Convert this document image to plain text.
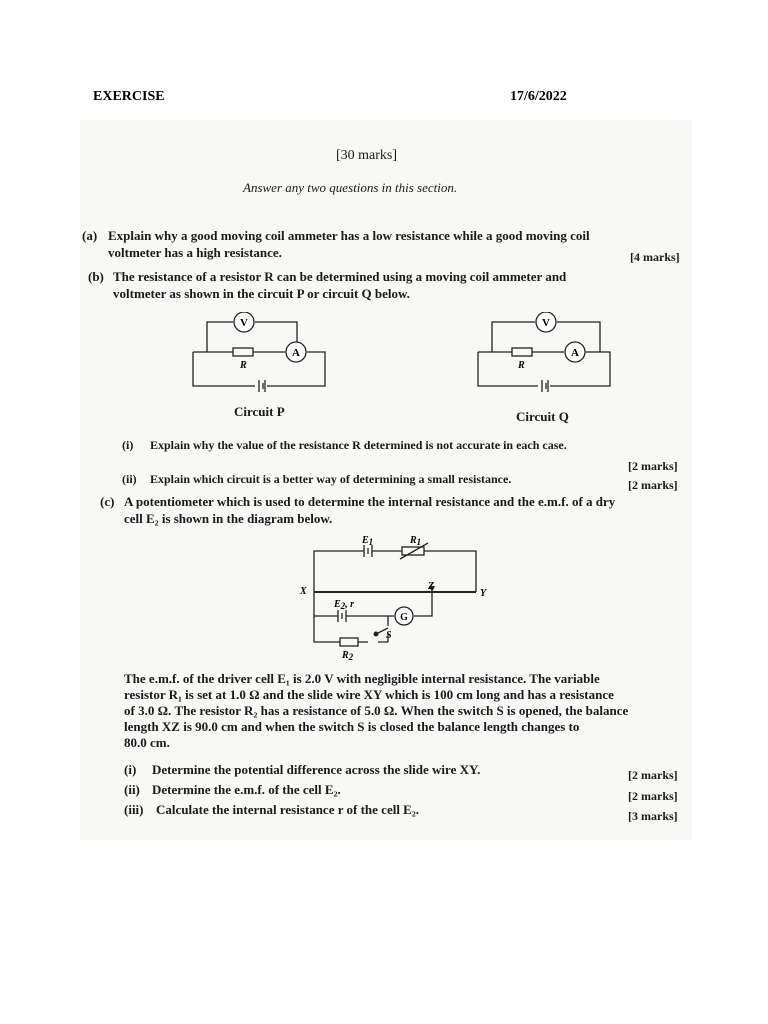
EXERCISE	17/6/2022
[30 marks]
Answer any two questions in this section.
(a) Explain why a good moving coil ammeter has a low resistance while a good moving coil
voltmeter has a high resistance.	[4 marks]
(b) The resistance of a resistor R can be determined using a moving coil ammeter and
voltmeter as shown in the circuit P or circuit Q below.
V
A
R
Circuit P
V
A
R
Circuit Q
(i) Explain why the value of the resistance R determined is not accurate in each case.
[2 marks]
(ii) Explain which circuit is a better way of determining a small resistance.	[2 marks]
(c) A potentiometer which is used to determine the internal resistance and the e.m.f. of a dry
cell E₂ is shown in the diagram below.
E1	R1
X	Y
Z
E2, r
G
S
R2
The e.m.f. of the driver cell E₁ is 2.0 V with negligible internal resistance. The variable
resistor R₁ is set at 1.0 Ω and the slide wire XY which is 100 cm long and has a resistance
of 3.0 Ω. The resistor R₂ has a resistance of 5.0 Ω. When the switch S is opened, the balance
length XZ is 90.0 cm and when the switch S is closed the balance length changes to
80.0 cm.
(i) Determine the potential difference across the slide wire XY.	[2 marks]
(ii) Determine the e.m.f. of the cell E₂.	[2 marks]
(iii) Calculate the internal resistance r of the cell E₂.	[3 marks]
